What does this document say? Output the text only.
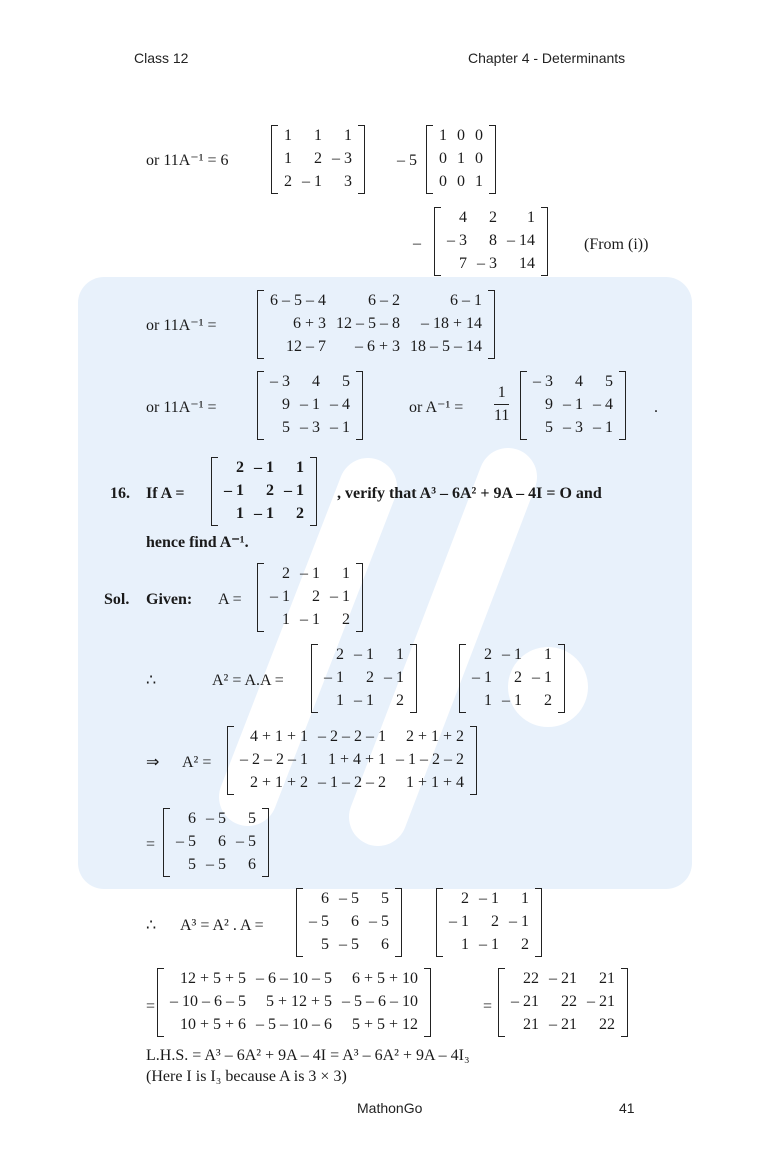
Class 12	Chapter 4 - Determinants
or 11A⁻¹ = 6
1	1	1
1	2	– 3
2	– 1	3
– 5
1	0	0
0	1	0
0	0	1
–
4	2	1
– 3	8	– 14
7	– 3	14
(From (i))
or 11A⁻¹ =
6 – 5 – 4	6 – 2	6 – 1
6 + 3	12 – 5 – 8	– 18 + 14
12 – 7	– 6 + 3	18 – 5 – 14
or 11A⁻¹ =
– 3	4	5
9	– 1	– 4
5	– 3	– 1
or $A^{-1} = \frac{1}{11}$
– 3	4	5
9	– 1	– 4
5	– 3	– 1
.
16. If A =
2	– 1	1
– 1	2	– 1
1	– 1	2
, verify that A³ – 6A² + 9A – 4I = O and
hence find A⁻¹.
Sol. Given: A =
2	– 1	1
– 1	2	– 1
1	– 1	2
∴	A² = A.A =
2	– 1	1
– 1	2	– 1
1	– 1	2
2	– 1	1
– 1	2	– 1
1	– 1	2
⇒ A² =
4 + 1 + 1	– 2 – 2 – 1	2 + 1 + 2
– 2 – 2 – 1	1 + 4 + 1	– 1 – 2 – 2
2 + 1 + 2	– 1 – 2 – 2	1 + 1 + 4
=
6	– 5	5
– 5	6	– 5
5	– 5	6
∴ A³ = A² . A =
6	– 5	5
– 5	6	– 5
5	– 5	6
2	– 1	1
– 1	2	– 1
1	– 1	2
=
12 + 5 + 5	– 6 – 10 – 5	6 + 5 + 10
– 10 – 6 – 5	5 + 12 + 5	– 5 – 6 – 10
10 + 5 + 6	– 5 – 10 – 6	5 + 5 + 12
=
22	– 21	21
– 21	22	– 21
21	– 21	22
L.H.S. = A³ – 6A² + 9A – 4I = A³ – 6A² + 9A – 4I₃
(Here I is I₃ because A is 3 × 3)
MathonGo	41
